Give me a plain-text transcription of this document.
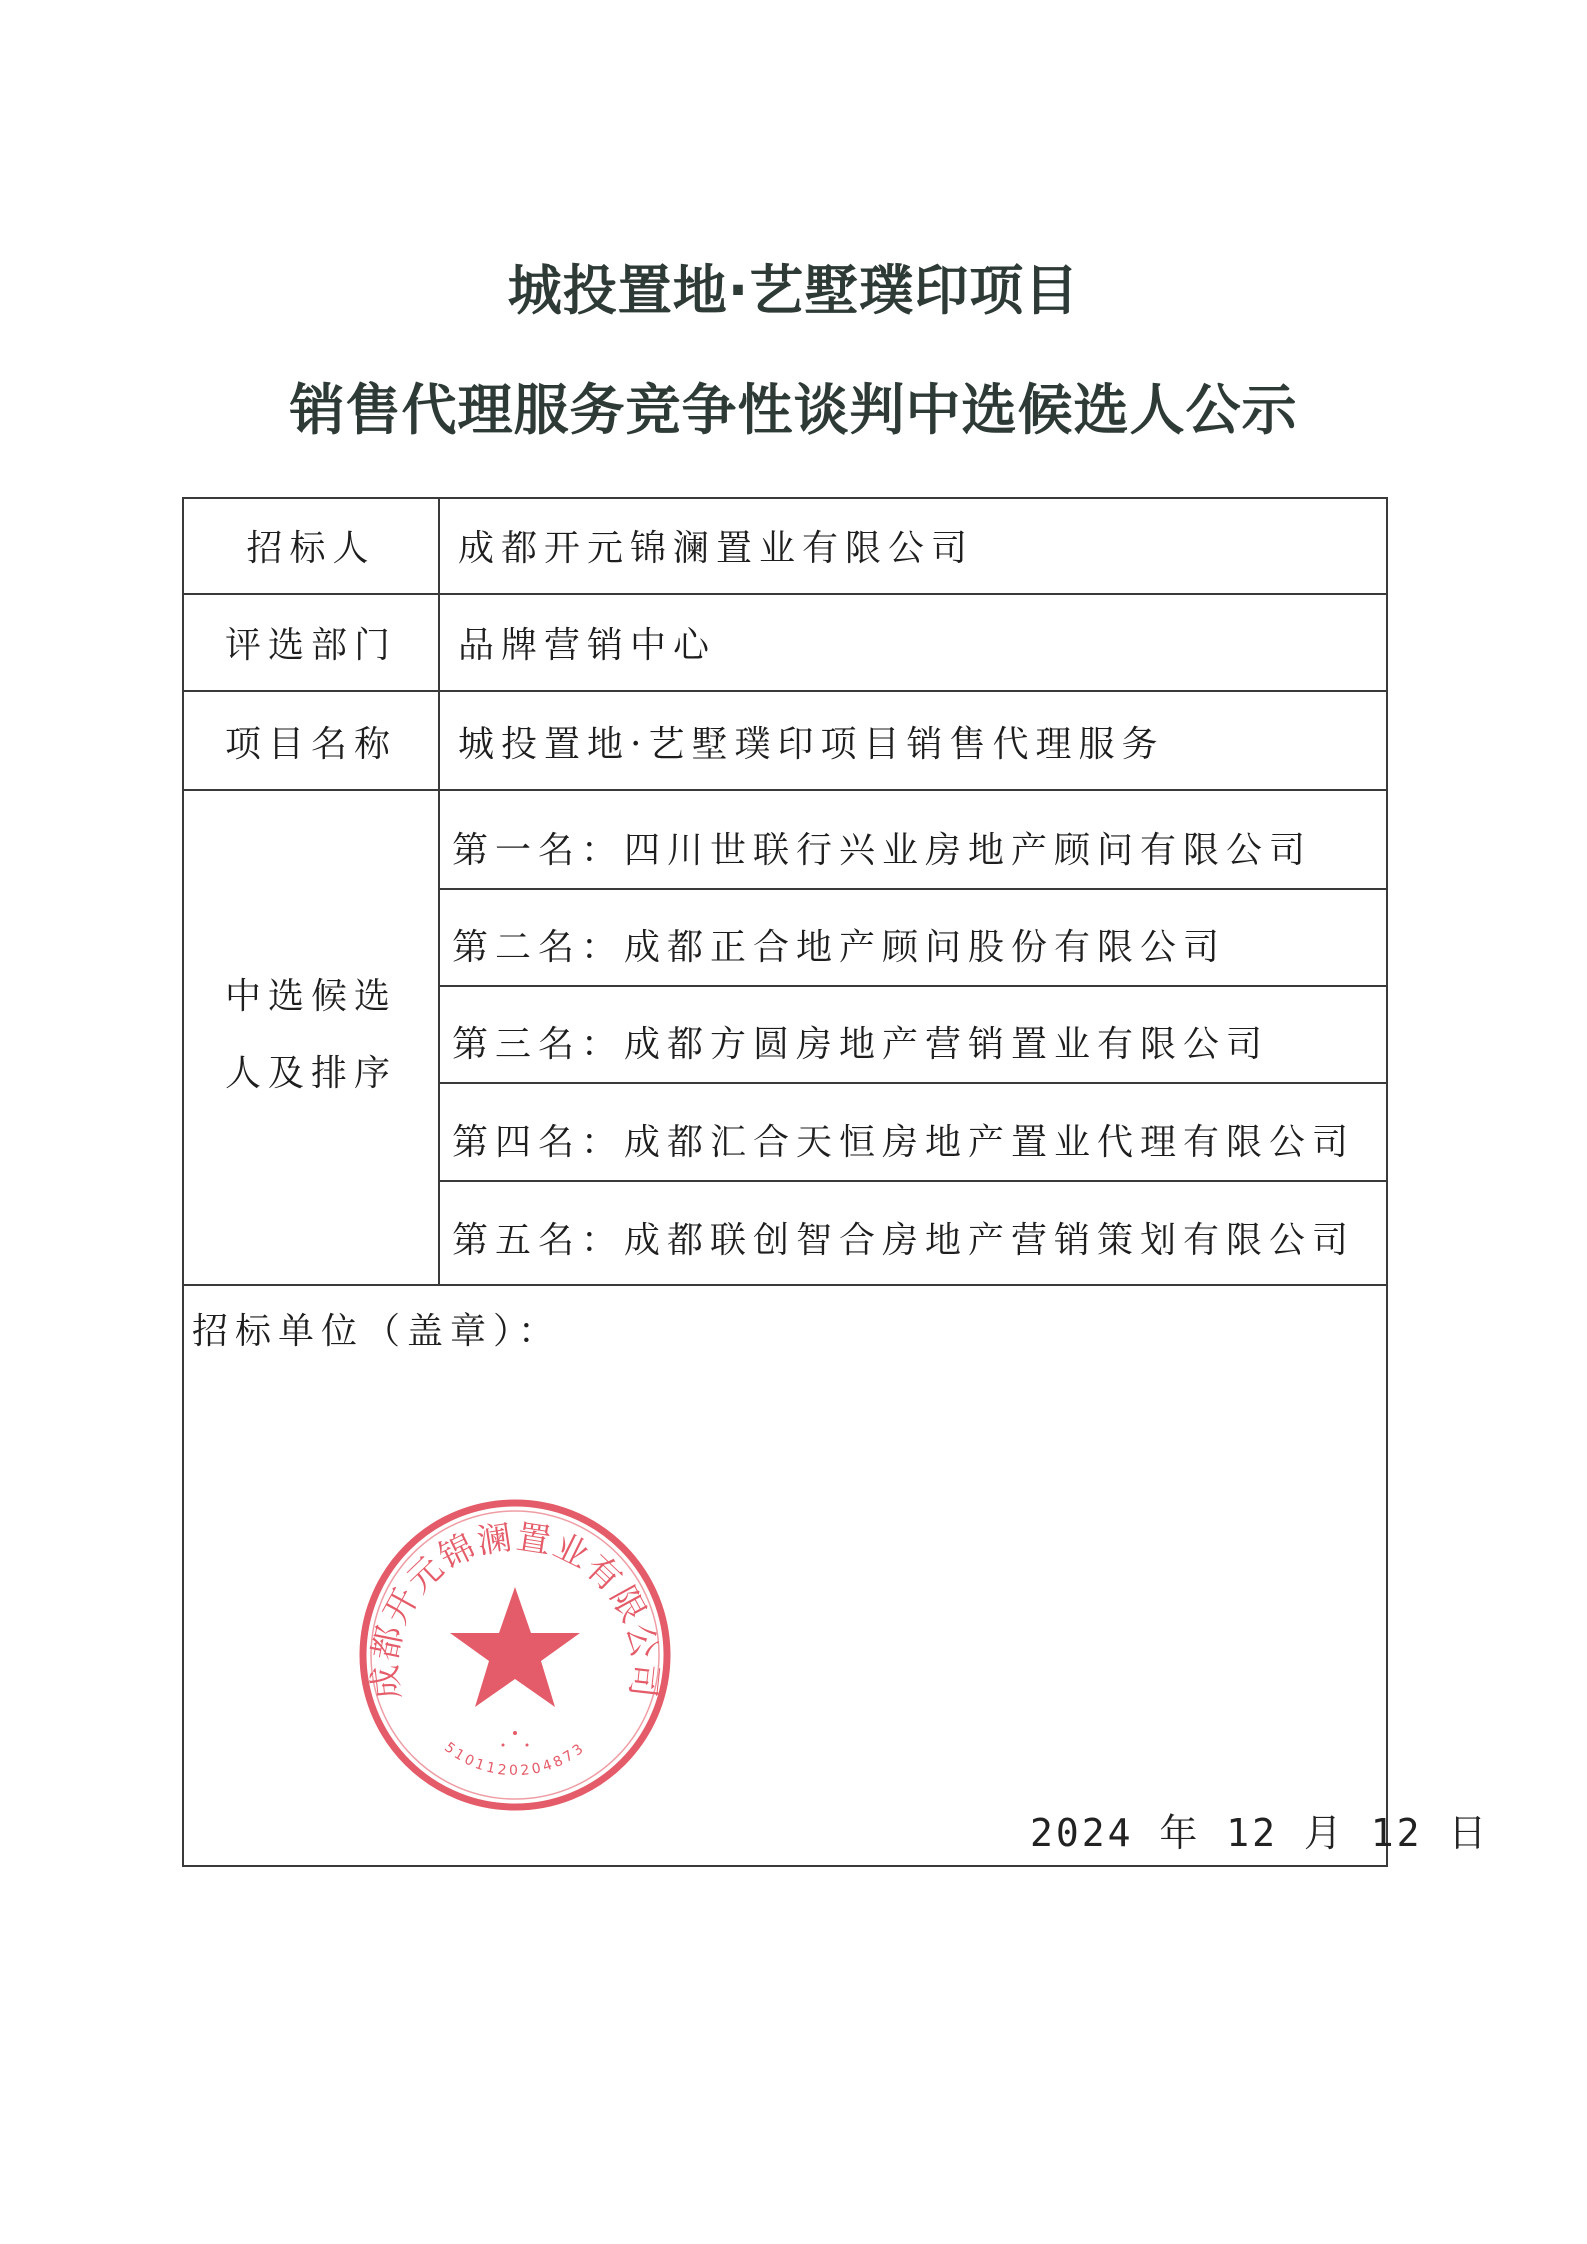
城投置地·艺墅璞印项目
销售代理服务竞争性谈判中选候选人公示
招标人	成都开元锦澜置业有限公司
评选部门	品牌营销中心
项目名称	城投置地·艺墅璞印项目销售代理服务
中选候选
人及排序
第一名：四川世联行兴业房地产顾问有限公司
第二名：成都正合地产顾问股份有限公司
第三名：成都方圆房地产营销置业有限公司
第四名：成都汇合天恒房地产置业代理有限公司
第五名：成都联创智合房地产营销策划有限公司
招标单位（盖章）：
成都开元锦澜置业有限公司
5101120204873
2024 年 12 月 12 日
